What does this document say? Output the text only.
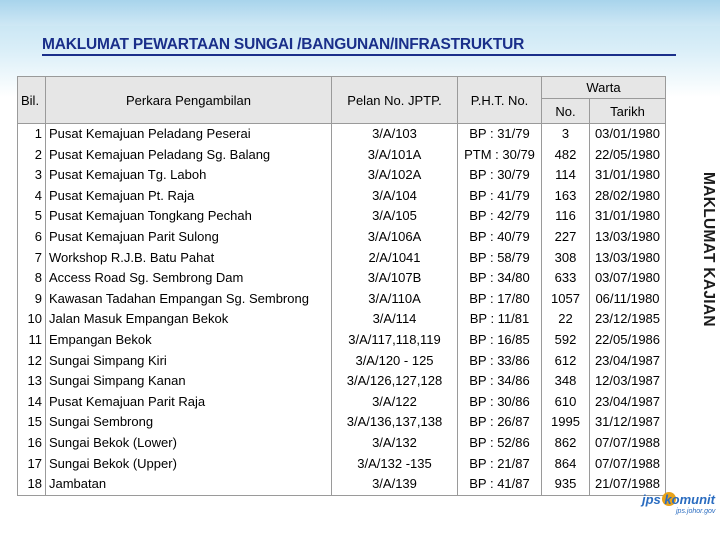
MAKLUMAT PEWARTAAN SUNGAI /BANGUNAN/INFRASTRUKTUR
MAKLUMAT KAJIAN
Bil.	Perkara Pengambilan	Pelan No. JPTP.	P.H.T. No.	Warta	
				No.	Tarikh
1	Pusat Kemajuan Peladang Peserai	3/A/103	BP : 31/79	3	03/01/1980
2	Pusat Kemajuan Peladang Sg. Balang	3/A/101A	PTM : 30/79	482	22/05/1980
3	Pusat Kemajuan Tg. Laboh	3/A/102A	BP : 30/79	114	31/01/1980
4	Pusat Kemajuan Pt. Raja	3/A/104	BP : 41/79	163	28/02/1980
5	Pusat Kemajuan Tongkang Pechah	3/A/105	BP : 42/79	116	31/01/1980
6	Pusat Kemajuan Parit Sulong	3/A/106A	BP : 40/79	227	13/03/1980
7	Workshop R.J.B. Batu Pahat	2/A/1041	BP : 58/79	308	13/03/1980
8	Access Road Sg. Sembrong Dam	3/A/107B	BP : 34/80	633	03/07/1980
9	Kawasan Tadahan Empangan Sg. Sembrong	3/A/110A	BP : 17/80	1057	06/11/1980
10	Jalan Masuk Empangan Bekok	3/A/114	BP : 11/81	22	23/12/1985
11	Empangan Bekok	3/A/117,118,119	BP : 16/85	592	22/05/1986
12	Sungai Simpang Kiri	3/A/120 - 125	BP : 33/86	612	23/04/1987
13	Sungai Simpang Kanan	3/A/126,127,128	BP : 34/86	348	12/03/1987
14	Pusat Kemajuan Parit Raja	3/A/122	BP : 30/86	610	23/04/1987
15	Sungai Sembrong	3/A/136,137,138	BP : 26/87	1995	31/12/1987
16	Sungai Bekok (Lower)	3/A/132	BP : 52/86	862	07/07/1988
17	Sungai Bekok (Upper)	3/A/132 -135	BP : 21/87	864	07/07/1988
18	Jambatan	3/A/139	BP : 41/87	935	21/07/1988
jps komunit
jps.johor.gov
